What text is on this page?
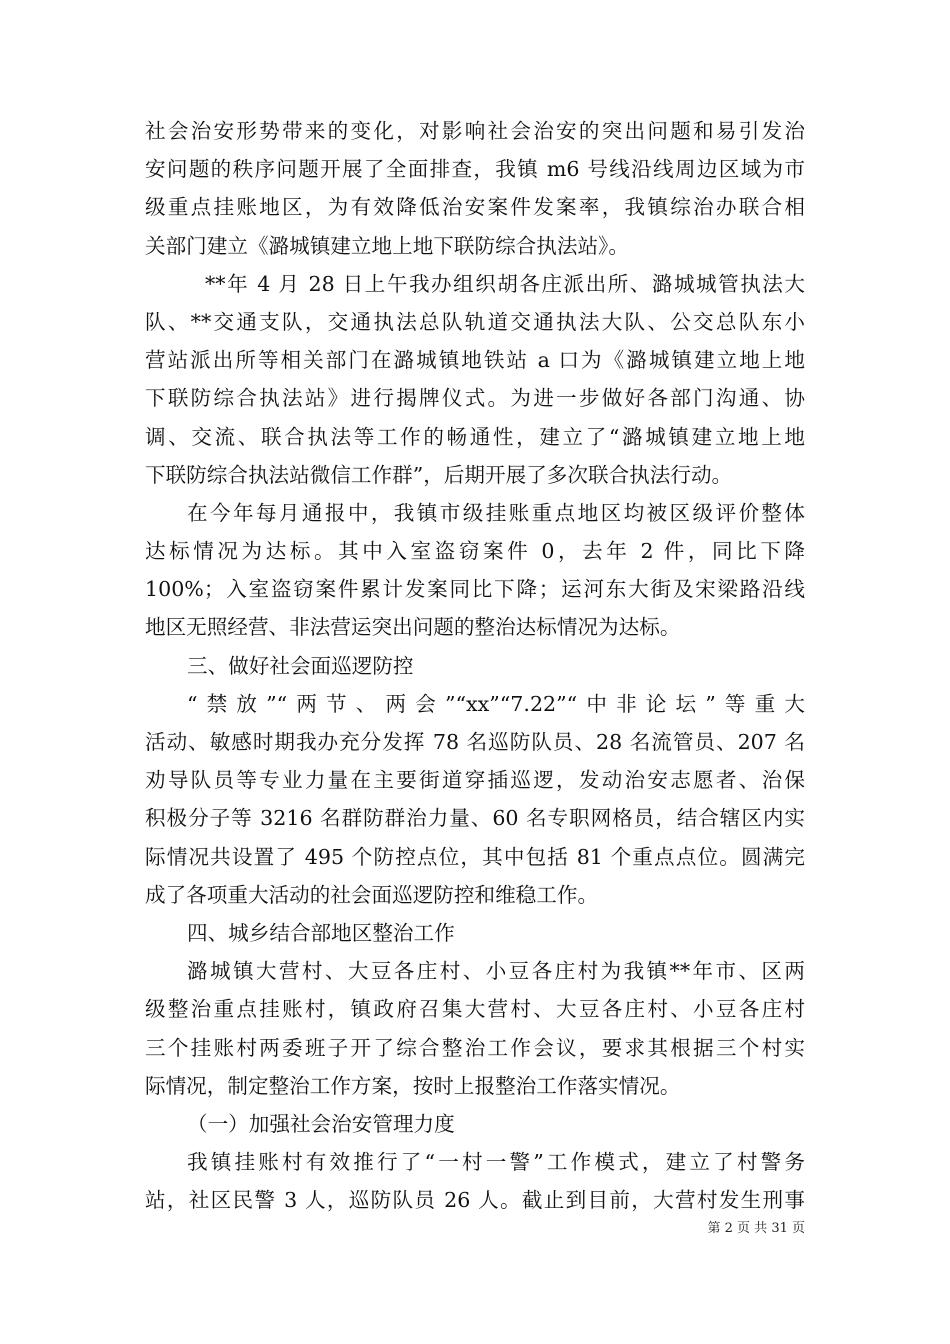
社会治安形势带来的变化，对影响社会治安的突出问题和易引发治
安问题的秩序问题开展了全面排查，我镇 m6 号线沿线周边区域为市
级重点挂账地区，为有效降低治安案件发案率，我镇综治办联合相
关部门建立《潞城镇建立地上地下联防综合执法站》。
**年 4 月 28 日上午我办组织胡各庄派出所、潞城城管执法大
队、**交通支队，交通执法总队轨道交通执法大队、公交总队东小
营站派出所等相关部门在潞城镇地铁站 a 口为《潞城镇建立地上地
下联防综合执法站》进行揭牌仪式。为进一步做好各部门沟通、协
调、交流、联合执法等工作的畅通性，建立了“潞城镇建立地上地
下联防综合执法站微信工作群”，后期开展了多次联合执法行动。
在今年每月通报中，我镇市级挂账重点地区均被区级评价整体
达标情况为达标。其中入室盗窃案件 0，去年 2 件，同比下降
100%；入室盗窃案件累计发案同比下降；运河东大街及宋梁路沿线
地区无照经营、非法营运突出问题的整治达标情况为达标。
三、做好社会面巡逻防控
“禁放”“两节、两会”“xx”“7.22”“中非论坛”等重大
活动、敏感时期我办充分发挥 78 名巡防队员、28 名流管员、207 名
劝导队员等专业力量在主要街道穿插巡逻，发动治安志愿者、治保
积极分子等 3216 名群防群治力量、60 名专职网格员，结合辖区内实
际情况共设置了 495 个防控点位，其中包括 81 个重点点位。圆满完
成了各项重大活动的社会面巡逻防控和维稳工作。
四、城乡结合部地区整治工作
潞城镇大营村、大豆各庄村、小豆各庄村为我镇**年市、区两
级整治重点挂账村，镇政府召集大营村、大豆各庄村、小豆各庄村
三个挂账村两委班子开了综合整治工作会议，要求其根据三个村实
际情况，制定整治工作方案，按时上报整治工作落实情况。
（一）加强社会治安管理力度
我镇挂账村有效推行了“一村一警”工作模式，建立了村警务
站，社区民警 3 人，巡防队员 26 人。截止到目前，大营村发生刑事
第 2 页 共 31 页
